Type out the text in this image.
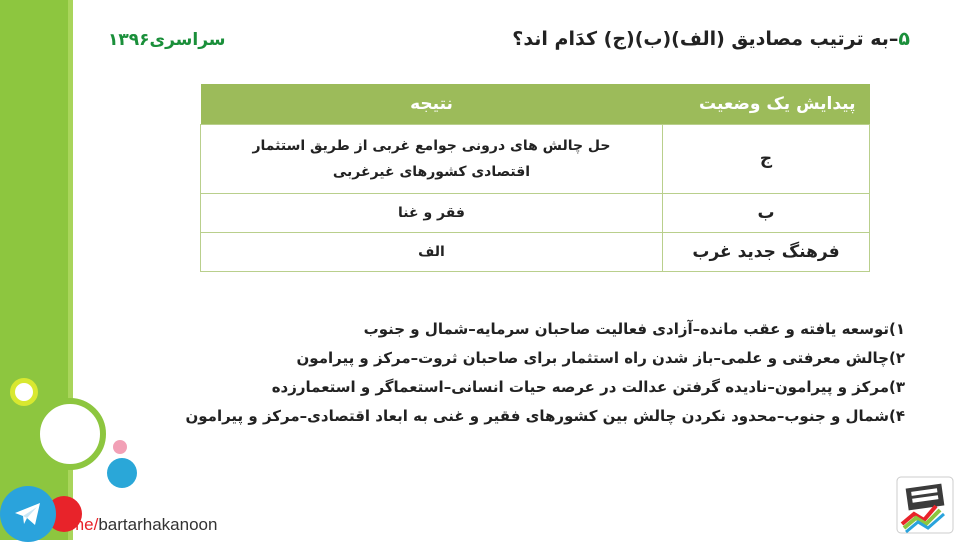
me/bartarhakanoon
۵–به ترتیب مصادیق (الف)(ب)(ج) کدَام اند؟َ
سراسری۱۳۹۶
پیدایش یک وضعیت	نتیجه
ج	حل چالش های درونی جوامع غربی از طریق استثمار
اقتصادی کشورهای غیرغربی

ب	فقر و غنا
فرهنگ جدید غرب	الف
۱)توسعه یافته و عقب مانده–آزادی فعالیت صاحبان سرمایه–شمال و جنوب
۲)چالش معرفتی و علمی–باز شدن راه استثمار برای صاحبان ثروت–مرکز و پیرامون
۳)مرکز و پیرامون–نادیده گرفتن عدالت در عرصه حیات انسانی–استعماگر و استعمارزده
۴)شمال و جنوب–محدود نکردن چالش بین کشورهای فقیر و غنی به ابعاد اقتصادی–مرکز و پیرامون
